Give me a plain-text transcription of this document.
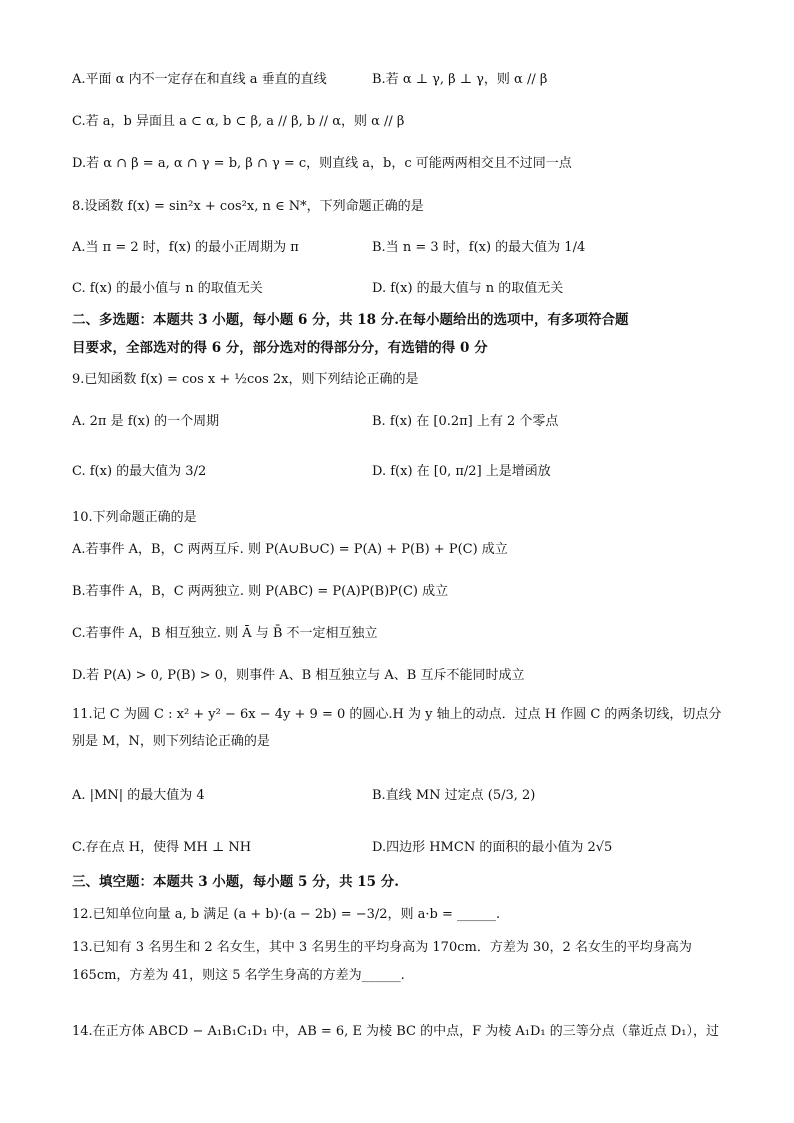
A.平面 α 内不一定存在和直线 a 垂直的直线	B.若 α ⊥ γ, β ⊥ γ，则 α // β
C.若 a，b 异面且 a ⊂ α, b ⊂ β, a // β, b // α，则 α // β
D.若 α ∩ β = a, α ∩ γ = b, β ∩ γ = c，则直线 a，b，c 可能两两相交且不过同一点
8.设函数 f(x) = sin²x + cos²x, n ∈ N*，下列命题正确的是
A.当 π = 2 时，f(x) 的最小正周期为 π	B.当 n = 3 时，f(x) 的最大值为 1/4
C. f(x) 的最小值与 n 的取值无关	D. f(x) 的最大值与 n 的取值无关
二、多选题：本题共 3 小题，每小题 6 分，共 18 分.在每小题给出的选项中，有多项符合题
目要求，全部选对的得 6 分，部分选对的得部分分，有选错的得 0 分
9.已知函数 f(x) = cos x + ½cos 2x，则下列结论正确的是
A. 2π 是 f(x) 的一个周期	B. f(x) 在 [0.2π] 上有 2 个零点
C. f(x) 的最大值为 3/2	D. f(x) 在 [0, π/2] 上是增函放
10.下列命题正确的是
A.若事件 A，B，C 两两互斥. 则 P(A∪B∪C) = P(A) + P(B) + P(C) 成立
B.若事件 A，B，C 两两独立. 则 P(ABC) = P(A)P(B)P(C) 成立
C.若事件 A，B 相互独立. 则 Ā 与 B̄ 不一定相互独立
D.若 P(A) > 0, P(B) > 0，则事件 A、B 相互独立与 A、B 互斥不能同时成立
11.记 C 为圆 C : x² + y² − 6x − 4y + 9 = 0 的圆心.H 为 y 轴上的动点．过点 H 作圆 C 的两条切线，切点分
别是 M，N，则下列结论正确的是
A. |MN| 的最大值为 4	B.直线 MN 过定点 (5/3, 2)
C.存在点 H，使得 MH ⊥ NH	D.四边形 HMCN 的面积的最小值为 2√5
三、填空题：本题共 3 小题，每小题 5 分，共 15 分.
12.已知单位向量 a, b 满足 (a + b)·(a − 2b) = −3/2，则 a·b = ______.
13.已知有 3 名男生和 2 名女生，其中 3 名男生的平均身高为 170cm．方差为 30，2 名女生的平均身高为
165cm，方差为 41，则这 5 名学生身高的方差为______.
14.在正方体 ABCD − A₁B₁C₁D₁ 中，AB = 6, E 为棱 BC 的中点，F 为棱 A₁D₁ 的三等分点（靠近点 D₁），过
